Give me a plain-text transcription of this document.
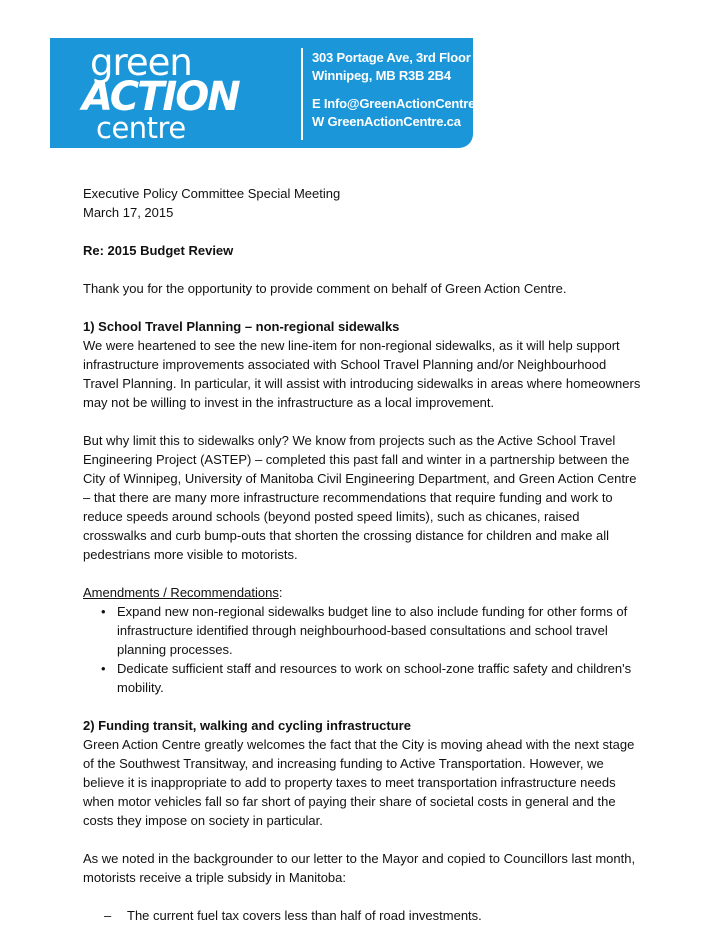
green
ACTION
centre
303 Portage Ave, 3rd Floor
Winnipeg, MB R3B 2B4
E Info@GreenActionCentre.ca
W GreenActionCentre.ca

Executive Policy Committee Special Meeting

March 17, 2015

Re: 2015 Budget Review

Thank you for the opportunity to provide comment on behalf of Green Action Centre.

1) School Travel Planning – non-regional sidewalks

We were heartened to see the new line-item for non-regional sidewalks, as it will help support infrastructure improvements associated with School Travel Planning and/or Neighbourhood Travel Planning. In particular, it will assist with introducing sidewalks in areas where homeowners may not be willing to invest in the infrastructure as a local improvement.

But why limit this to sidewalks only? We know from projects such as the Active School Travel Engineering Project (ASTEP) – completed this past fall and winter in a partnership between the City of Winnipeg, University of Manitoba Civil Engineering Department, and Green Action Centre – that there are many more infrastructure recommendations that require funding and work to reduce speeds around schools (beyond posted speed limits), such as chicanes, raised crosswalks and curb bump-outs that shorten the crossing distance for children and make all pedestrians more visible to motorists.

Amendments / Recommendations:

• Expand new non-regional sidewalks budget line to also include funding for other forms of infrastructure identified through neighbourhood-based consultations and school travel planning processes.
• Dedicate sufficient staff and resources to work on school-zone traffic safety and children's mobility.

2) Funding transit, walking and cycling infrastructure

Green Action Centre greatly welcomes the fact that the City is moving ahead with the next stage of the Southwest Transitway, and increasing funding to Active Transportation. However, we believe it is inappropriate to add to property taxes to meet transportation infrastructure needs when motor vehicles fall so far short of paying their share of societal costs in general and the costs they impose on society in particular.

As we noted in the backgrounder to our letter to the Mayor and copied to Councillors last month, motorists receive a triple subsidy in Manitoba:

– The current fuel tax covers less than half of road investments.
